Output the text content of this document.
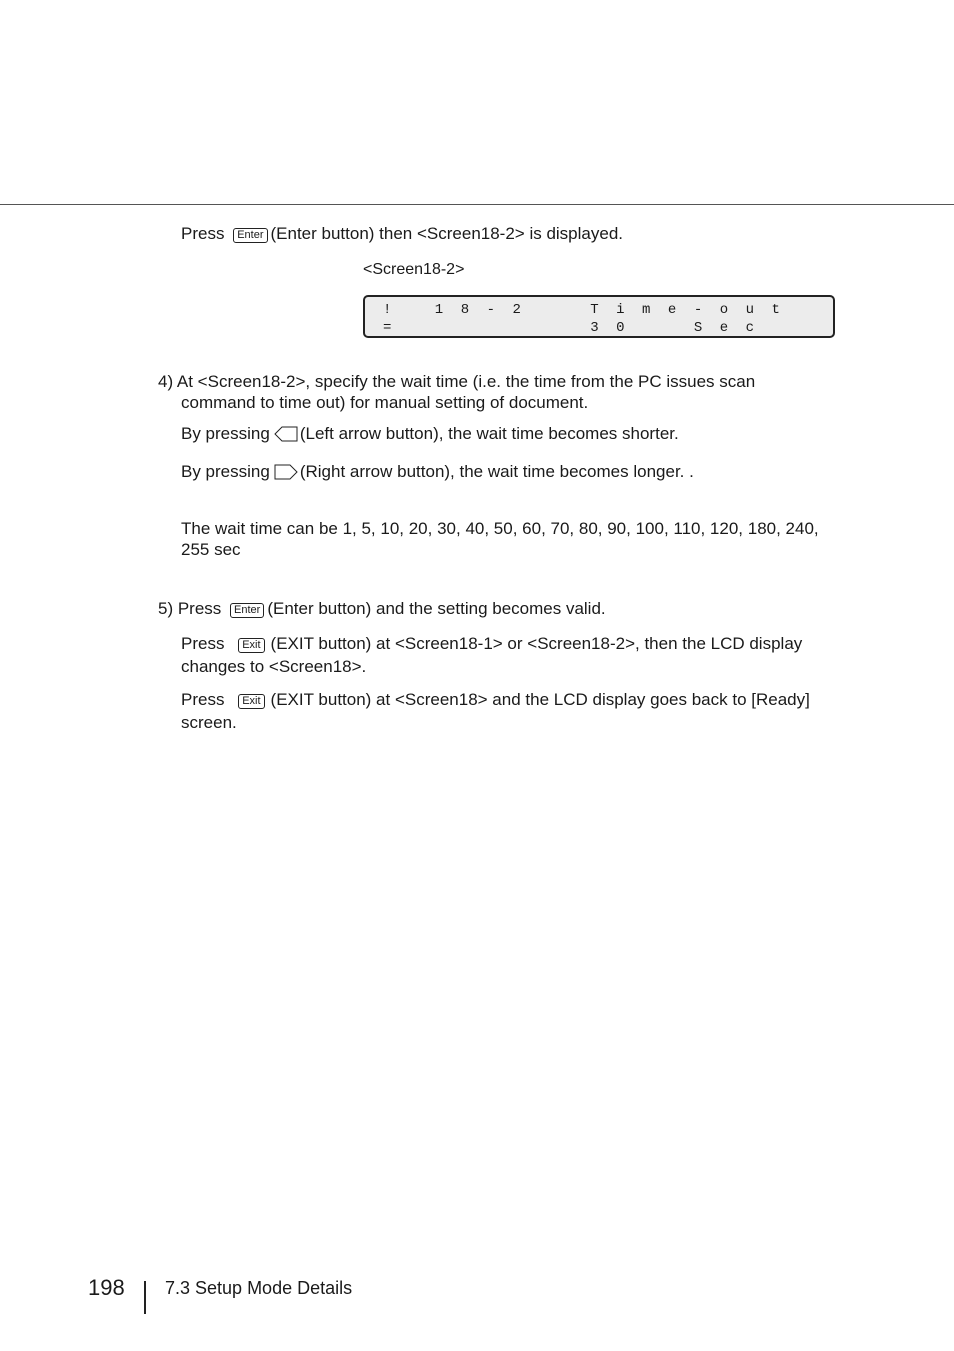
Press Enter (Enter button) then <Screen18-2> is displayed.
<Screen18-2>
! 18-2  Time-out
=       30  Sec
4) At <Screen18-2>, specify the wait time (i.e. the time from the PC issues scan
command to time out) for manual setting of document.
By pressing (Left arrow button), the wait time becomes shorter.
By pressing (Right arrow button), the wait time becomes longer. .
The wait time can be 1, 5, 10, 20, 30, 40, 50, 60, 70, 80, 90, 100, 110, 120, 180, 240,
255 sec
5) Press Enter (Enter button) and the setting becomes valid.
Press Exit (EXIT button) at <Screen18-1> or <Screen18-2>, then the LCD display
changes to <Screen18>.
Press Exit (EXIT button) at <Screen18> and the LCD display goes back to [Ready]
screen.
198 7.3 Setup Mode Details
